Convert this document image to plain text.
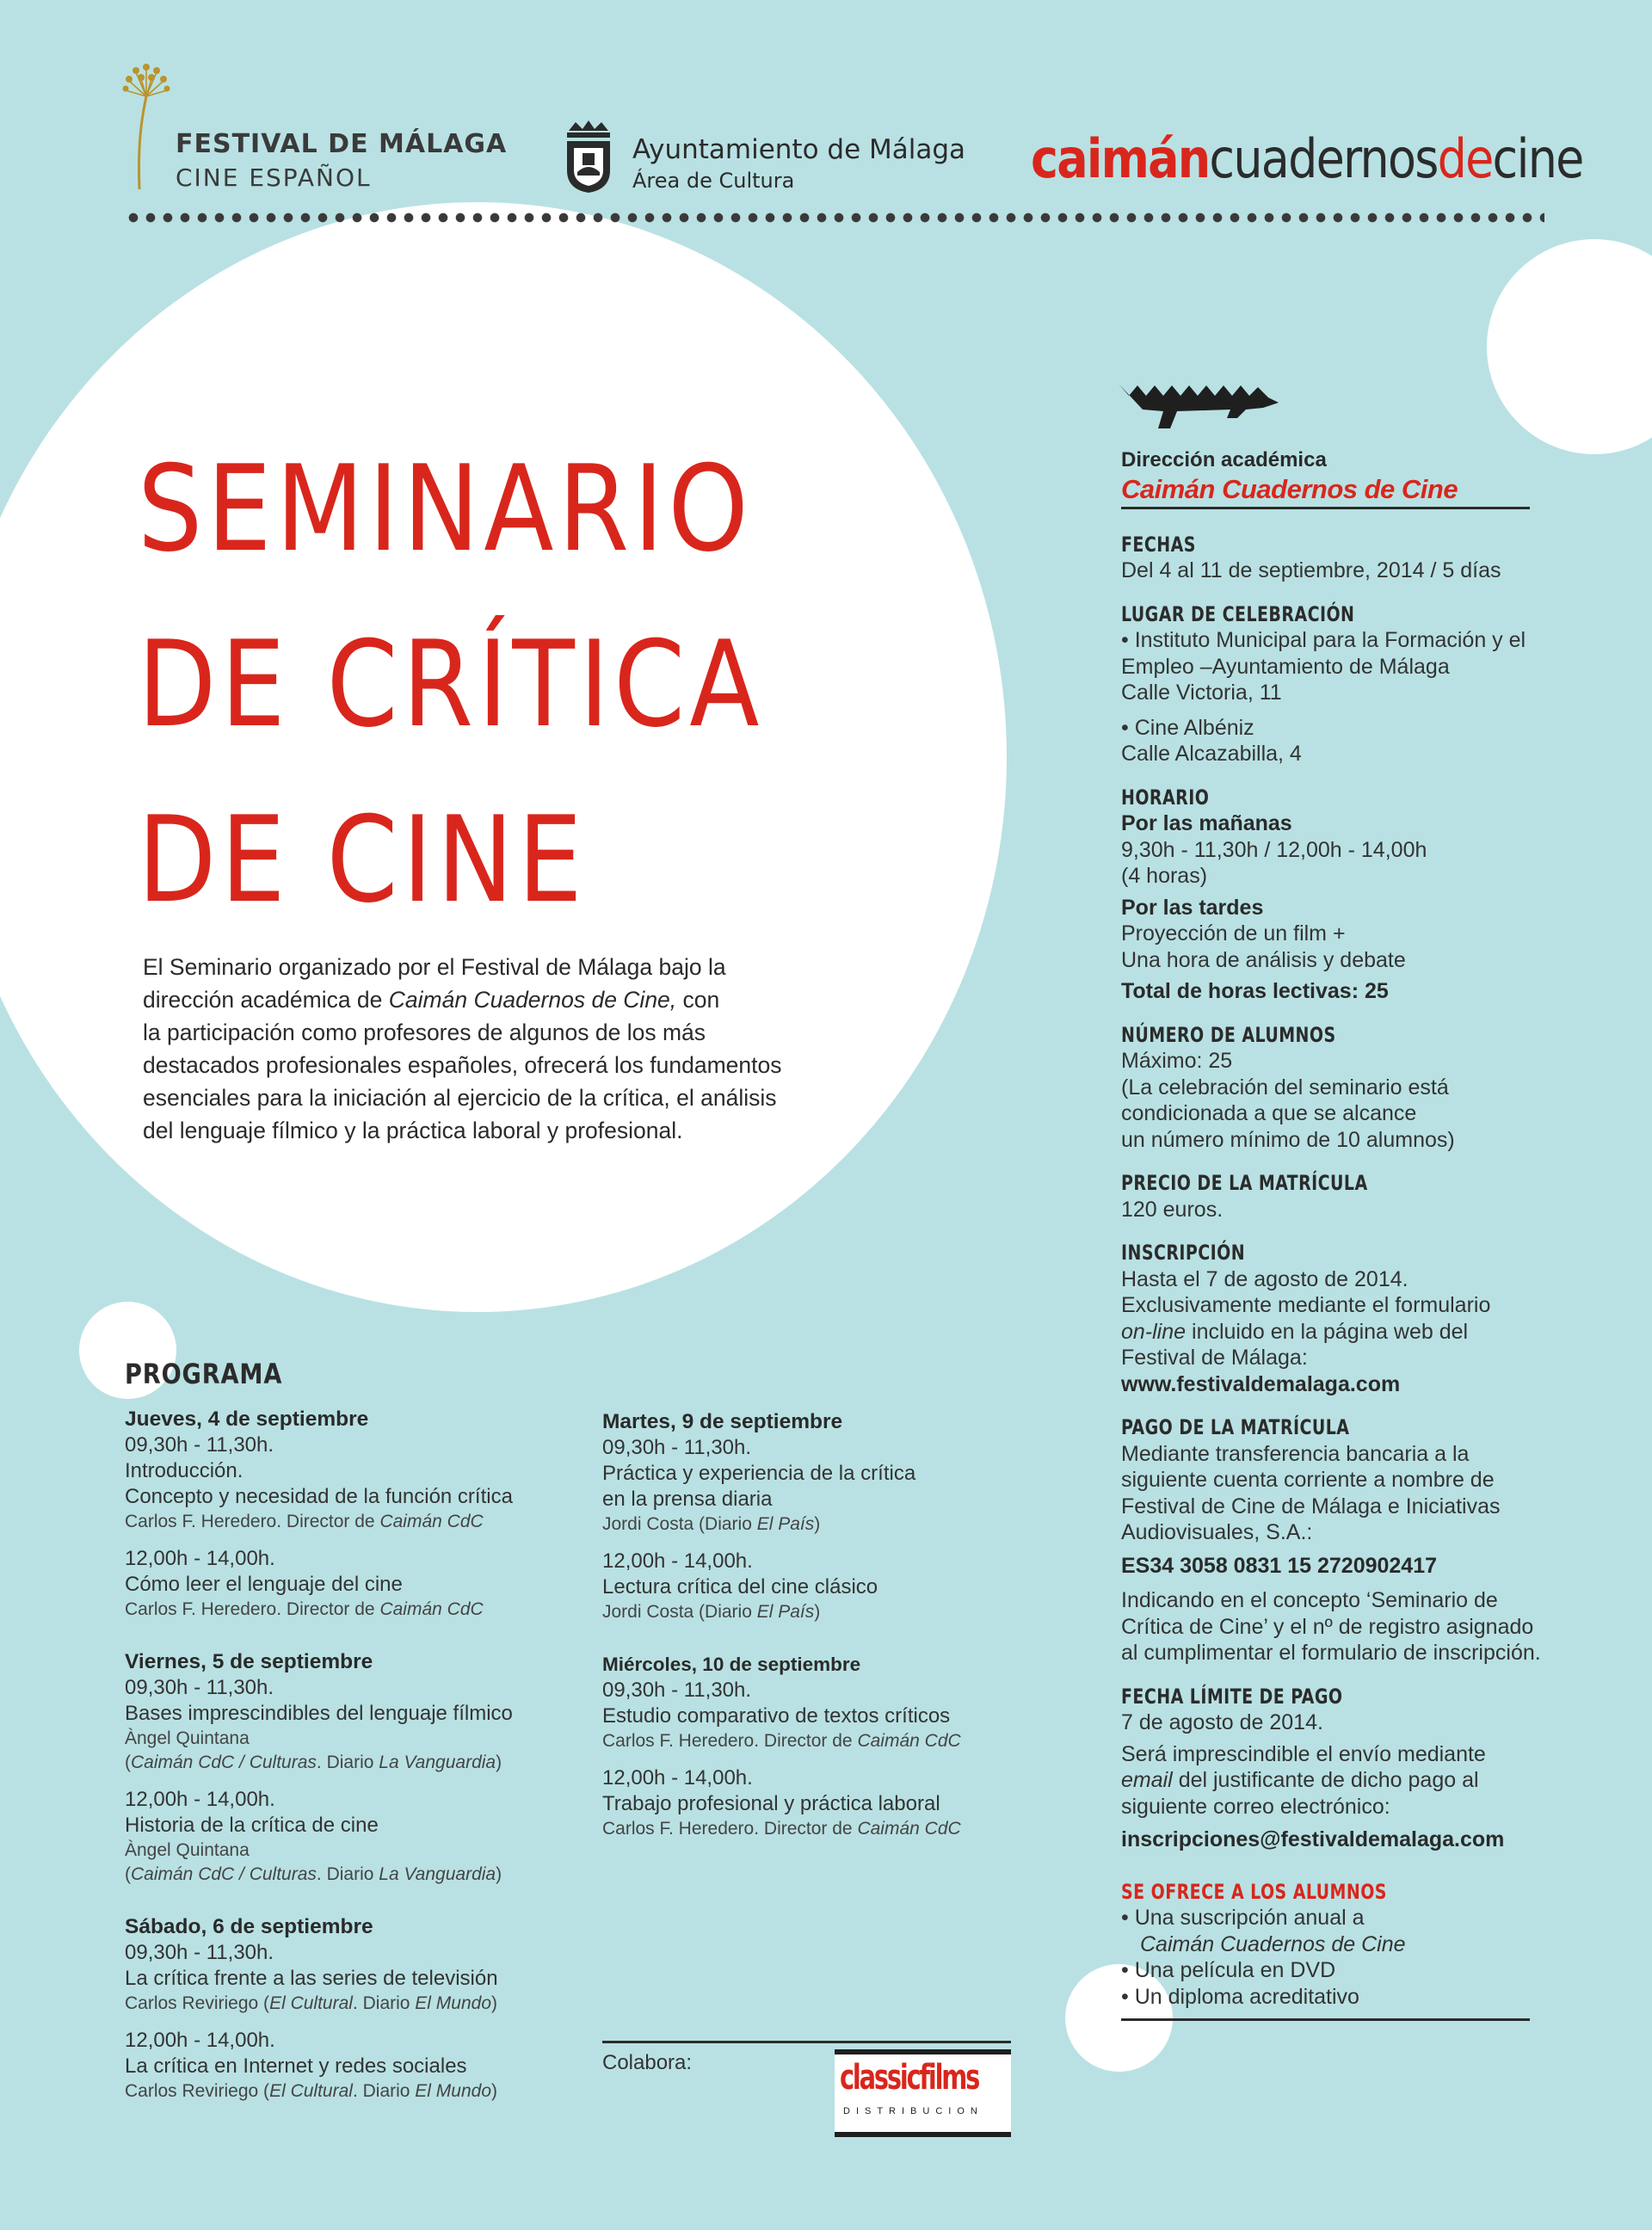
FESTIVAL DE MÁLAGA
CINE ESPAÑOL
Ayuntamiento de Málaga
Área de Cultura	caimáncuadernosdecine
SEMINARIO
DE CRÍTICA
DE CINE
El Seminario organizado por el Festival de Málaga bajo la
dirección académica de Caimán Cuadernos de Cine, con
la participación como profesores de algunos de los más
destacados profesionales españoles, ofrecerá los fundamentos
esenciales para la iniciación al ejercicio de la crítica, el análisis
del lenguaje fílmico y la práctica laboral y profesional.

Dirección académica

Caimán Cuadernos de Cine

FECHAS

Del 4 al 11 de septiembre, 2014 / 5 días

LUGAR DE CELEBRACIÓN

• Instituto Municipal para la Formación y el

Empleo –Ayuntamiento de Málaga

Calle Victoria, 11

• Cine Albéniz

Calle Alcazabilla, 4

HORARIO

Por las mañanas

9,30h - 11,30h / 12,00h - 14,00h

(4 horas)

Por las tardes

Proyección de un film +

Una hora de análisis y debate

Total de horas lectivas: 25

NÚMERO DE ALUMNOS

Máximo: 25

(La celebración del seminario está

condicionada a que se alcance

un número mínimo de 10 alumnos)

PRECIO DE LA MATRÍCULA

120 euros.

INSCRIPCIÓN

Hasta el 7 de agosto de 2014.

Exclusivamente mediante el formulario

on-line incluido en la página web del

Festival de Málaga:

www.festivaldemalaga.com

PAGO DE LA MATRÍCULA

Mediante transferencia bancaria a la

siguiente cuenta corriente a nombre de

Festival de Cine de Málaga e Iniciativas

Audiovisuales, S.A.:

ES34 3058 0831 15 2720902417

Indicando en el concepto ‘Seminario de

Crítica de Cine’ y el nº de registro asignado

al cumplimentar el formulario de inscripción.

FECHA LÍMITE DE PAGO

7 de agosto de 2014.

Será imprescindible el envío mediante

email del justificante de dicho pago al

siguiente correo electrónico:

inscripciones@festivaldemalaga.com

SE OFRECE A LOS ALUMNOS

• Una suscripción anual a

Caimán Cuadernos de Cine

• Una película en DVD

• Un diploma acreditativo

PROGRAMA
Jueves, 4 de septiembre
09,30h - 11,30h.
Introducción.
Concepto y necesidad de la función crítica
Carlos F. Heredero. Director de Caimán CdC
12,00h - 14,00h.
Cómo leer el lenguaje del cine
Carlos F. Heredero. Director de Caimán CdC
Viernes, 5 de septiembre
09,30h - 11,30h.
Bases imprescindibles del lenguaje fílmico
Àngel Quintana
(Caimán CdC / Culturas. Diario La Vanguardia)
12,00h - 14,00h.
Historia de la crítica de cine
Àngel Quintana
(Caimán CdC / Culturas. Diario La Vanguardia)
Sábado, 6 de septiembre
09,30h - 11,30h.
La crítica frente a las series de televisión
Carlos Reviriego (El Cultural. Diario El Mundo)
12,00h - 14,00h.
La crítica en Internet y redes sociales
Carlos Reviriego (El Cultural. Diario El Mundo)
Martes, 9 de septiembre
09,30h - 11,30h.
Práctica y experiencia de la crítica
en la prensa diaria
Jordi Costa (Diario El País)
12,00h - 14,00h.
Lectura crítica del cine clásico
Jordi Costa (Diario El País)
Miércoles, 10 de septiembre
09,30h - 11,30h.
Estudio comparativo de textos críticos
Carlos F. Heredero. Director de Caimán CdC
12,00h - 14,00h.
Trabajo profesional y práctica laboral
Carlos F. Heredero. Director de Caimán CdC
Colabora:	classicfilms
DISTRIBUCION
